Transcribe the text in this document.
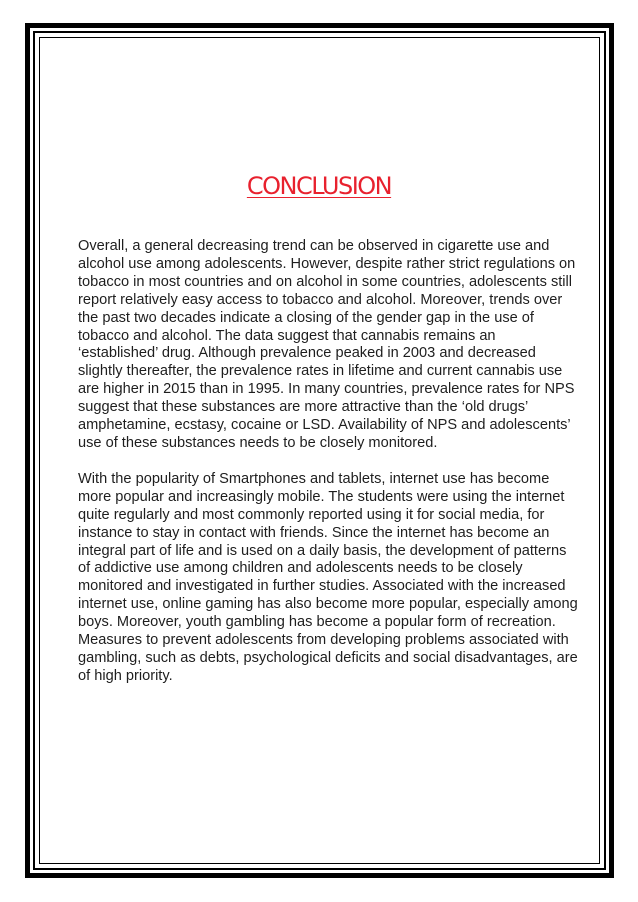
CONCLUSION

Overall, a general decreasing trend can be observed in cigarette use and alcohol use among adolescents. However, despite rather strict regulations on tobacco in most countries and on alcohol in some countries, adolescents still report relatively easy access to tobacco and alcohol. Moreover, trends over the past two decades indicate a closing of the gender gap in the use of tobacco and alcohol. The data suggest that cannabis remains an ‘established’ drug. Although prevalence peaked in 2003 and decreased slightly thereafter, the prevalence rates in lifetime and current cannabis use are higher in 2015 than in 1995. In many countries, prevalence rates for NPS suggest that these substances are more attractive than the ‘old drugs’ amphetamine, ecstasy, cocaine or LSD. Availability of NPS and adolescents’ use of these substances needs to be closely monitored.

With the popularity of Smartphones and tablets, internet use has become more popular and increasingly mobile. The students were using the internet quite regularly and most commonly reported using it for social media, for instance to stay in contact with friends. Since the internet has become an integral part of life and is used on a daily basis, the development of patterns of addictive use among children and adolescents needs to be closely monitored and investigated in further studies. Associated with the increased internet use, online gaming has also become more popular, especially among boys. Moreover, youth gambling has become a popular form of recreation. Measures to prevent adolescents from developing problems associated with gambling, such as debts, psychological deficits and social disadvantages, are of high priority.
